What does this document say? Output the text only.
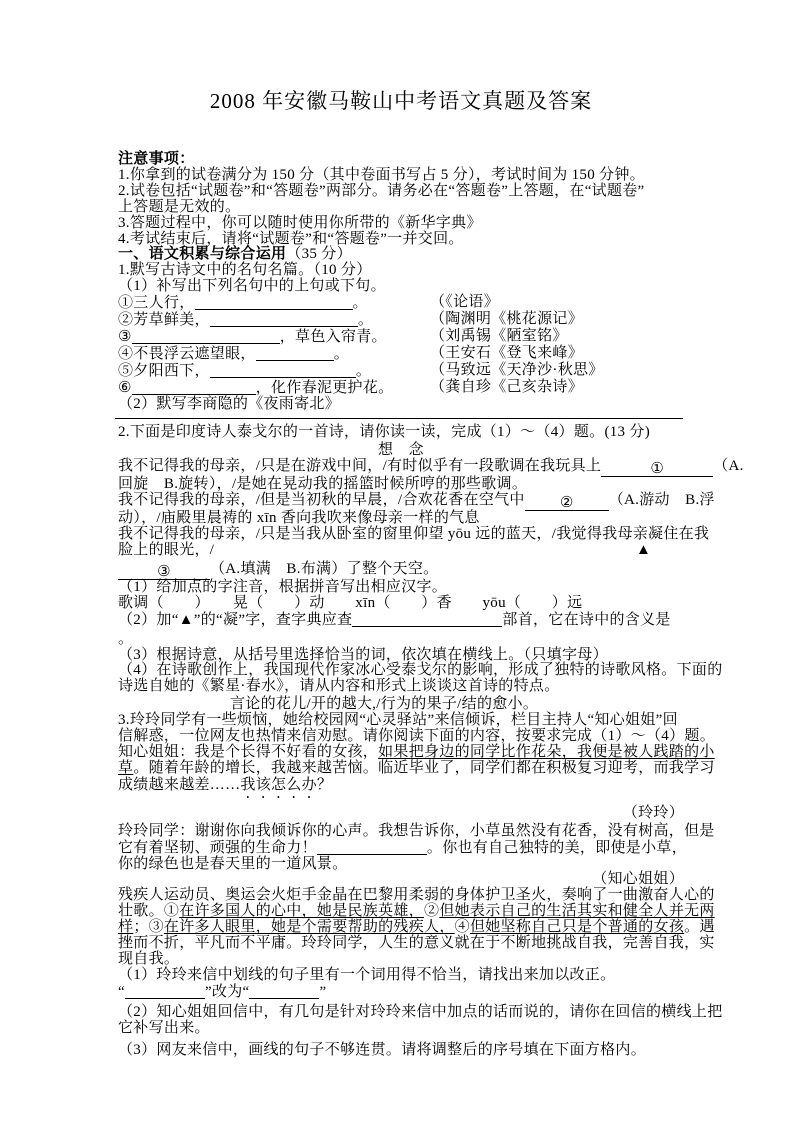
2008 年安徽马鞍山中考语文真题及答案
注意事项：
1.你拿到的试卷满分为 150 分（其中卷面书写占 5 分），考试时间为 150 分钟。
2.试卷包括“试题卷”和“答题卷”两部分。请务必在“答题卷”上答题，在“试题卷”
上答题是无效的。
3.答题过程中，你可以随时使用你所带的《新华字典》
4.考试结束后，请将“试题卷”和“答题卷”一并交回。
一、语文积累与综合运用（35 分）
1.默写古诗文中的名句名篇。（10 分）
（1）补写出下列名句中的上句或下句。
①三人行，	。	（《论语》
②芳草鲜美，	。	（陶渊明《桃花源记》
③	，草色入帘青。	（刘禹锡《陋室铭》
④不畏浮云遮望眼，	。	（王安石《登飞来峰》
⑤夕阳西下，	。	（马致远《天净沙·秋思》
⑥	，化作春泥更护花。 （龚自珍《己亥杂诗》
（2）默写李商隐的《夜雨寄北》
2.下面是印度诗人泰戈尔的一首诗，请你读一读，完成（1）～（4）题。(13 分)
想　念
我不记得我的母亲，/只是在游戏中间，/有时似乎有一段歌调在我玩具上	①	（A.
回旋　B.旋转），/是她在晃动我的摇篮时候所哼的那些歌调。
我不记得我的母亲，/但是当初秋的早晨，/合欢花香在空气中 ② （A.游动　B.浮
动），/庙殿里晨祷的 xīn 香向我吹来像母亲一样的气息
我不记得我的母亲，/只是当我从卧室的窗里仰望 yōu 远的蓝天，/我觉得我母亲凝住在我
脸上的眼光，/	▲
③	（A.填满　B.布满）了整个天空。
（1）给加点的字注音，根据拼音写出相应汉字。
歌调（　　）　　晃（　　）动　　xīn（　　）香　　yōu（　　）远
（2）加“▲”的“凝”字，查字典应查	部首，它在诗中的含义是
。
（3）根据诗意，从括号里选择恰当的词，依次填在横线上。（只填字母）
（4）在诗歌创作上，我国现代作家冰心受泰戈尔的影响，形成了独特的诗歌风格。下面的
诗选自她的《繁星·春水》，请从内容和形式上谈谈这首诗的特点。
言论的花儿/开的越大,/行为的果子/结的愈小。
3.玲玲同学有一些烦恼，她给校园网“心灵驿站”来信倾诉，栏目主持人“知心姐姐”回
信解惑，一位网友也热情来信劝慰。请你阅读下面的内容，按要求完成（1）～（4）题。
知心姐姐：我是个长得不好看的女孩，如果把身边的同学比作花朵，我便是被人践踏的小
草。随着年龄的增长，我越来越苦恼。临近毕业了，同学们都在积极复习迎考，而我学习
成绩越来越差……我该怎么办？
（玲玲）
玲玲同学：谢谢你向我倾诉你的心声。我想告诉你，小草虽然没有花香，没有树高，但是
它有着坚韧、顽强的生命力！	。你也有自己独特的美，即使是小草，
你的绿色也是春天里的一道风景。
（知心姐姐）
残疾人运动员、奥运会火炬手金晶在巴黎用柔弱的身体护卫圣火，奏响了一曲激奋人心的
壮歌。①在许多国人的心中，她是民族英雄，②但她表示自己的生活其实和健全人并无两
样；③在许多人眼里，她是个需要帮助的残疾人，④但她坚称自己只是个普通的女孩。遇
挫而不折，平凡而不平庸。玲玲同学，人生的意义就在于不断地挑战自我，完善自我，实
现自我。
（1）玲玲来信中划线的句子里有一个词用得不恰当，请找出来加以改正。
“	”改为“	”
（2）知心姐姐回信中，有几句是针对玲玲来信中加点的话而说的，请你在回信的横线上把
它补写出来。
（3）网友来信中，画线的句子不够连贯。请将调整后的序号填在下面方格内。
